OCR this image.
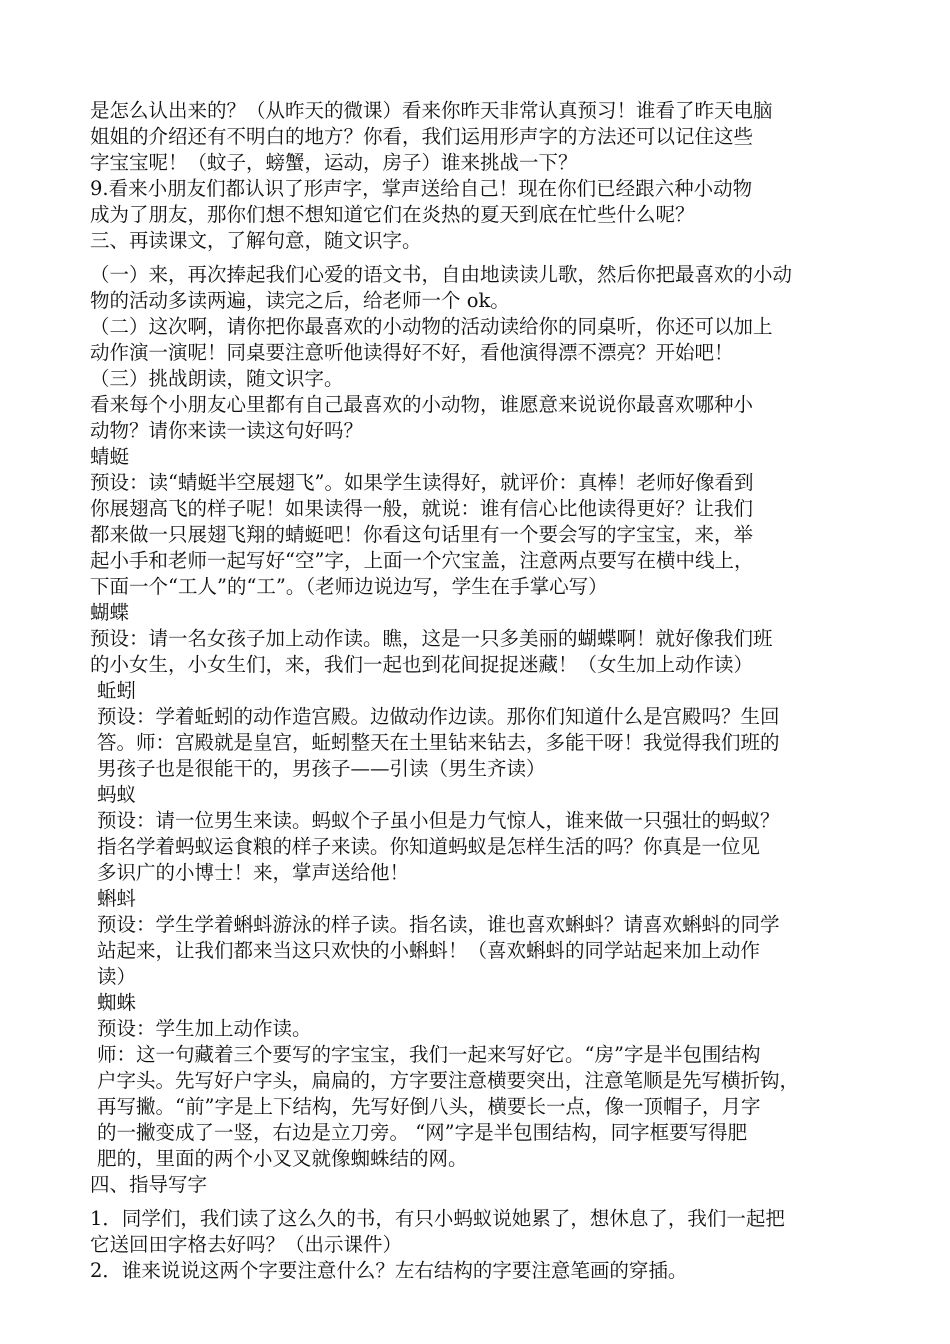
是怎么认出来的？（从昨天的微课）看来你昨天非常认真预习！谁看了昨天电脑
姐姐的介绍还有不明白的地方？你看，我们运用形声字的方法还可以记住这些
字宝宝呢！（蚊子，螃蟹，运动，房子）谁来挑战一下？
9.看来小朋友们都认识了形声字，掌声送给自己！现在你们已经跟六种小动物
成为了朋友，那你们想不想知道它们在炎热的夏天到底在忙些什么呢？
三、再读课文，了解句意，随文识字。
（一）来，再次捧起我们心爱的语文书，自由地读读儿歌，然后你把最喜欢的小动
物的活动多读两遍，读完之后，给老师一个 ok。
（二）这次啊，请你把你最喜欢的小动物的活动读给你的同桌听，你还可以加上
动作演一演呢！同桌要注意听他读得好不好，看他演得漂不漂亮？开始吧！
（三）挑战朗读，随文识字。
看来每个小朋友心里都有自己最喜欢的小动物，谁愿意来说说你最喜欢哪种小
动物？请你来读一读这句好吗？
蜻蜓
预设：读“蜻蜓半空展翅飞”。如果学生读得好，就评价：真棒！老师好像看到
你展翅高飞的样子呢！如果读得一般，就说：谁有信心比他读得更好？让我们
都来做一只展翅飞翔的蜻蜓吧！你看这句话里有一个要会写的字宝宝，来，举
起小手和老师一起写好“空”字，上面一个穴宝盖，注意两点要写在横中线上，
下面一个“工人”的“工”。（老师边说边写，学生在手掌心写）
蝴蝶
预设：请一名女孩子加上动作读。瞧，这是一只多美丽的蝴蝶啊！就好像我们班
的小女生，小女生们，来，我们一起也到花间捉捉迷藏！（女生加上动作读）
蚯蚓
预设：学着蚯蚓的动作造宫殿。边做动作边读。那你们知道什么是宫殿吗？生回
答。师：宫殿就是皇宫，蚯蚓整天在土里钻来钻去，多能干呀！我觉得我们班的
男孩子也是很能干的，男孩子——引读（男生齐读）
蚂蚁
预设：请一位男生来读。蚂蚁个子虽小但是力气惊人，谁来做一只强壮的蚂蚁？
指名学着蚂蚁运食粮的样子来读。你知道蚂蚁是怎样生活的吗？你真是一位见
多识广的小博士！来，掌声送给他！
蝌蚪
预设：学生学着蝌蚪游泳的样子读。指名读，谁也喜欢蝌蚪？请喜欢蝌蚪的同学
站起来，让我们都来当这只欢快的小蝌蚪！（喜欢蝌蚪的同学站起来加上动作
读）
蜘蛛
预设：学生加上动作读。
师：这一句藏着三个要写的字宝宝，我们一起来写好它。“房”字是半包围结构
户字头。先写好户字头，扁扁的，方字要注意横要突出，注意笔顺是先写横折钩，
再写撇。“前”字是上下结构，先写好倒八头，横要长一点，像一顶帽子，月字
的一撇变成了一竖，右边是立刀旁。 “网”字是半包围结构，同字框要写得肥
肥的，里面的两个小叉叉就像蜘蛛结的网。
四、指导写字
1．同学们，我们读了这么久的书，有只小蚂蚁说她累了，想休息了，我们一起把
它送回田字格去好吗？（出示课件）
2．谁来说说这两个字要注意什么？左右结构的字要注意笔画的穿插。
